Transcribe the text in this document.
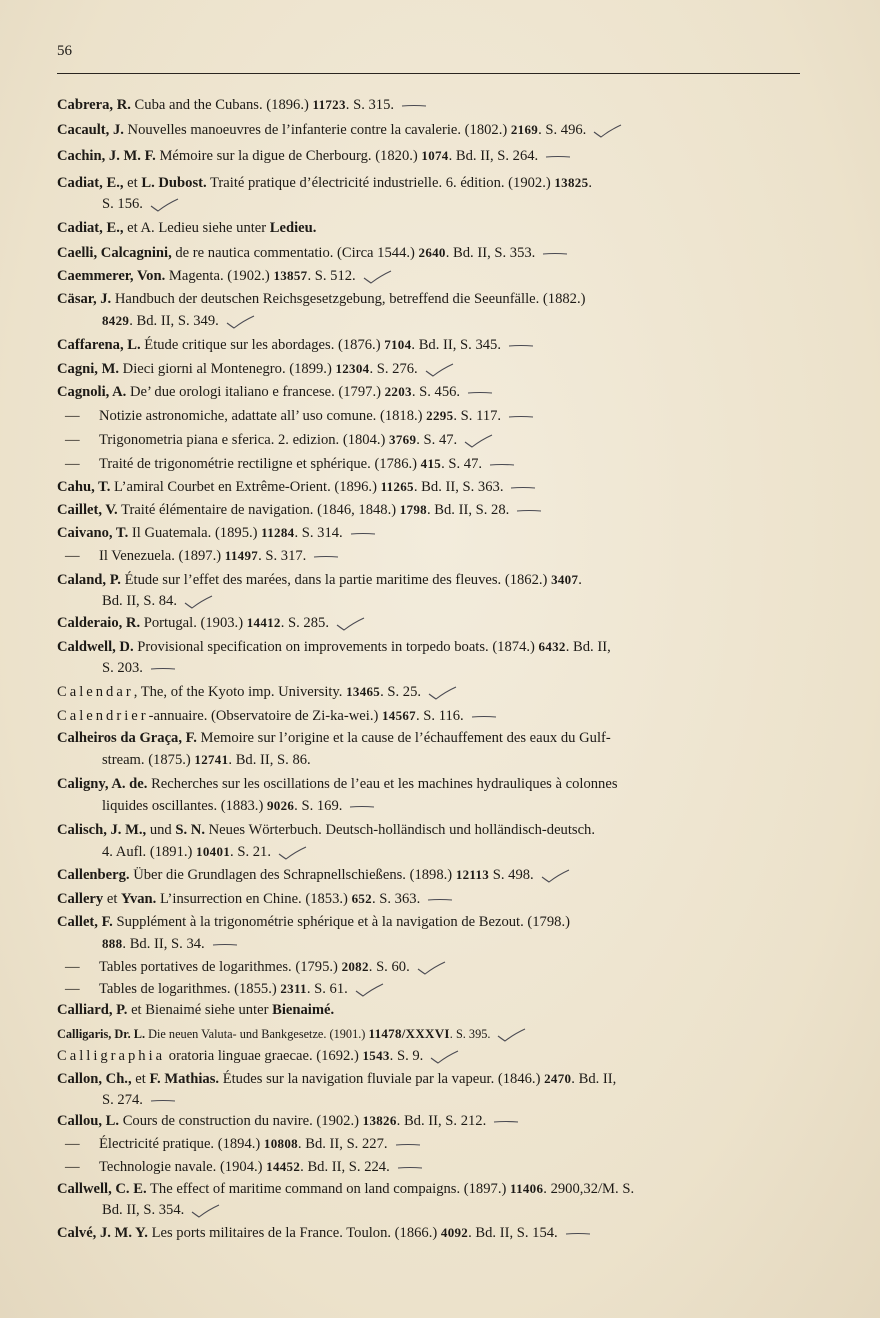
56
Cabrera, R. Cuba and the Cubans. (1896.) 11723. S. 315.
Cacault, J. Nouvelles manoeuvres de l’infanterie contre la cavalerie. (1802.) 2169. S. 496.
Cachin, J. M. F. Mémoire sur la digue de Cherbourg. (1820.) 1074. Bd. II, S. 264.
Cadiat, E., et L. Dubost. Traité pratique d’électricité industrielle. 6. édition. (1902.) 13825.
S. 156.
Cadiat, E., et A. Ledieu siehe unter Ledieu.
Caelli, Calcagnini, de re nautica commentatio. (Circa 1544.) 2640. Bd. II, S. 353.
Caemmerer, Von. Magenta. (1902.) 13857. S. 512.
Cäsar, J. Handbuch der deutschen Reichsgesetzgebung, betreffend die Seeunfälle. (1882.)
8429. Bd. II, S. 349.
Caffarena, L. Étude critique sur les abordages. (1876.) 7104. Bd. II, S. 345.
Cagni, M. Dieci giorni al Montenegro. (1899.) 12304. S. 276.
Cagnoli, A. De’ due orologi italiano e francese. (1797.) 2203. S. 456.
— Notizie astronomiche, adattate all’ uso comune. (1818.) 2295. S. 117.
— Trigonometria piana e sferica. 2. edizion. (1804.) 3769. S. 47.
— Traité de trigonométrie rectiligne et sphérique. (1786.) 415. S. 47.
Cahu, T. L’amiral Courbet en Extrême-Orient. (1896.) 11265. Bd. II, S. 363.
Caillet, V. Traité élémentaire de navigation. (1846, 1848.) 1798. Bd. II, S. 28.
Caivano, T. Il Guatemala. (1895.) 11284. S. 314.
— Il Venezuela. (1897.) 11497. S. 317.
Caland, P. Étude sur l’effet des marées, dans la partie maritime des fleuves. (1862.) 3407.
Bd. II, S. 84.
Calderaio, R. Portugal. (1903.) 14412. S. 285.
Caldwell, D. Provisional specification on improvements in torpedo boats. (1874.) 6432. Bd. II,
S. 203.
Calendar, The, of the Kyoto imp. University. 13465. S. 25.
Calendrier-annuaire. (Observatoire de Zi-ka-wei.) 14567. S. 116.
Calheiros da Graça, F. Memoire sur l’origine et la cause de l’échauffement des eaux du Gulf-
stream. (1875.) 12741. Bd. II, S. 86.
Caligny, A. de. Recherches sur les oscillations de l’eau et les machines hydrauliques à colonnes
liquides oscillantes. (1883.) 9026. S. 169.
Calisch, J. M., und S. N. Neues Wörterbuch. Deutsch-holländisch und holländisch-deutsch.
4. Aufl. (1891.) 10401. S. 21.
Callenberg. Über die Grundlagen des Schrapnellschießens. (1898.) 12113 S. 498.
Callery et Yvan. L’insurrection en Chine. (1853.) 652. S. 363.
Callet, F. Supplément à la trigonométrie sphérique et à la navigation de Bezout. (1798.)
888. Bd. II, S. 34.
— Tables portatives de logarithmes. (1795.) 2082. S. 60.
— Tables de logarithmes. (1855.) 2311. S. 61.
Calliard, P. et Bienaimé siehe unter Bienaimé.
Calligaris, Dr. L. Die neuen Valuta- und Bankgesetze. (1901.) 11478/XXXVI. S. 395.
Calligraphia oratoria linguae graecae. (1692.) 1543. S. 9.
Callon, Ch., et F. Mathias. Études sur la navigation fluviale par la vapeur. (1846.) 2470. Bd. II,
S. 274.
Callou, L. Cours de construction du navire. (1902.) 13826. Bd. II, S. 212.
— Électricité pratique. (1894.) 10808. Bd. II, S. 227.
— Technologie navale. (1904.) 14452. Bd. II, S. 224.
Callwell, C. E. The effect of maritime command on land compaigns. (1897.) 11406. 2900,32/M. S.
Bd. II, S. 354.
Calvé, J. M. Y. Les ports militaires de la France. Toulon. (1866.) 4092. Bd. II, S. 154.
